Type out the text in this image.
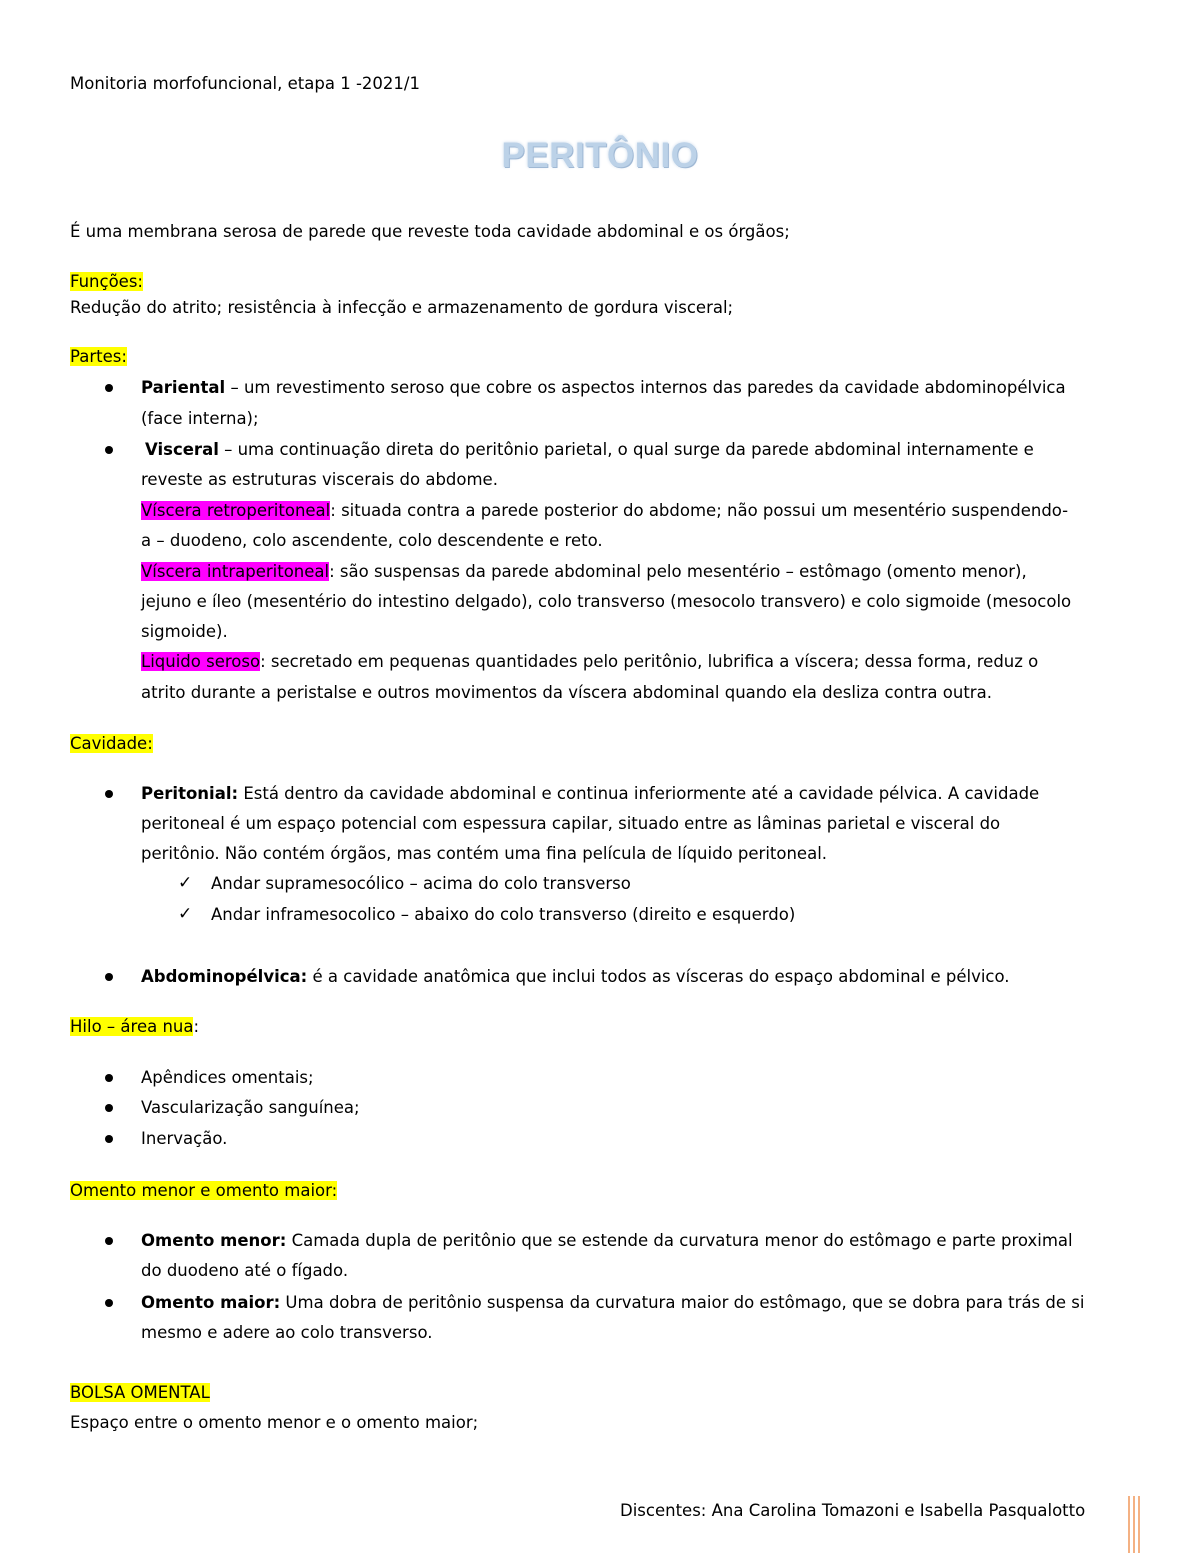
Monitoria morfofuncional, etapa 1 -2021/1
PERITÔNIO
É uma membrana serosa de parede que reveste toda cavidade abdominal e os órgãos;
Funções:
Redução do atrito; resistência à infecção e armazenamento de gordura visceral;
Partes:
Pariental – um revestimento seroso que cobre os aspectos internos das paredes da cavidade abdominopélvica
(face interna);
Visceral – uma continuação direta do peritônio parietal, o qual surge da parede abdominal internamente e
reveste as estruturas viscerais do abdome.
Víscera retroperitoneal: situada contra a parede posterior do abdome; não possui um mesentério suspendendo-
a – duodeno, colo ascendente, colo descendente e reto.
Víscera intraperitoneal: são suspensas da parede abdominal pelo mesentério – estômago (omento menor),
jejuno e íleo (mesentério do intestino delgado), colo transverso (mesocolo transvero) e colo sigmoide (mesocolo
sigmoide).
Liquido seroso: secretado em pequenas quantidades pelo peritônio, lubrifica a víscera; dessa forma, reduz o
atrito durante a peristalse e outros movimentos da víscera abdominal quando ela desliza contra outra.
Cavidade:
Peritonial: Está dentro da cavidade abdominal e continua inferiormente até a cavidade pélvica. A cavidade
peritoneal é um espaço potencial com espessura capilar, situado entre as lâminas parietal e visceral do
peritônio. Não contém órgãos, mas contém uma fina película de líquido peritoneal.
✓ Andar supramesocólico – acima do colo transverso
✓ Andar inframesocolico – abaixo do colo transverso (direito e esquerdo)
Abdominopélvica: é a cavidade anatômica que inclui todos as vísceras do espaço abdominal e pélvico.
Hilo – área nua:
Apêndices omentais;
Vascularização sanguínea;
Inervação.
Omento menor e omento maior:
Omento menor: Camada dupla de peritônio que se estende da curvatura menor do estômago e parte proximal
do duodeno até o fígado.
Omento maior: Uma dobra de peritônio suspensa da curvatura maior do estômago, que se dobra para trás de si
mesmo e adere ao colo transverso.
BOLSA OMENTAL
Espaço entre o omento menor e o omento maior;
Discentes: Ana Carolina Tomazoni e Isabella Pasqualotto
